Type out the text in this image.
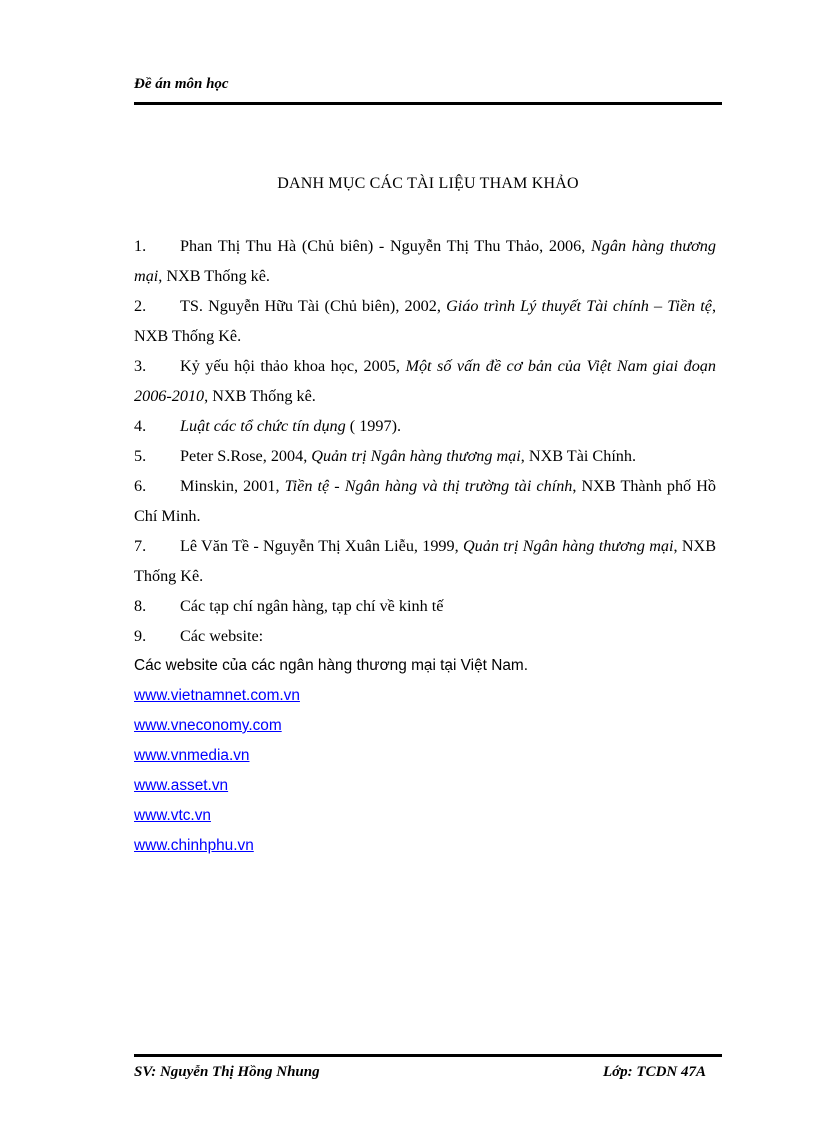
Đề án môn học
DANH MỤC CÁC TÀI LIỆU THAM KHẢO

1. Phan Thị Thu Hà (Chủ biên) - Nguyễn Thị Thu Thảo, 2006, Ngân hàng thương mại, NXB Thống kê.

2. TS. Nguyễn Hữu Tài (Chủ biên), 2002, Giáo trình Lý thuyết Tài chính – Tiền tệ, NXB Thống Kê.

3. Kỷ yếu hội thảo khoa học, 2005, Một số vấn đề cơ bản của Việt Nam giai đoạn 2006-2010, NXB Thống kê.

4. Luật các tổ chức tín dụng ( 1997).

5. Peter S.Rose, 2004, Quản trị Ngân hàng thương mại, NXB Tài Chính.

6. Minskin, 2001, Tiền tệ - Ngân hàng và thị trường tài chính, NXB Thành phố Hồ Chí Minh.

7. Lê Văn Tề - Nguyễn Thị Xuân Liễu, 1999, Quản trị Ngân hàng thương mại, NXB Thống Kê.

8. Các tạp chí ngân hàng, tạp chí về kinh tế

9. Các website:

Các website của các ngân hàng thương mại tại Việt Nam.

www.vietnamnet.com.vn
www.vneconomy.com
www.vnmedia.vn
www.asset.vn
www.vtc.vn
www.chinhphu.vn
SV: Nguyễn Thị Hồng Nhung	Lớp: TCDN 47A
